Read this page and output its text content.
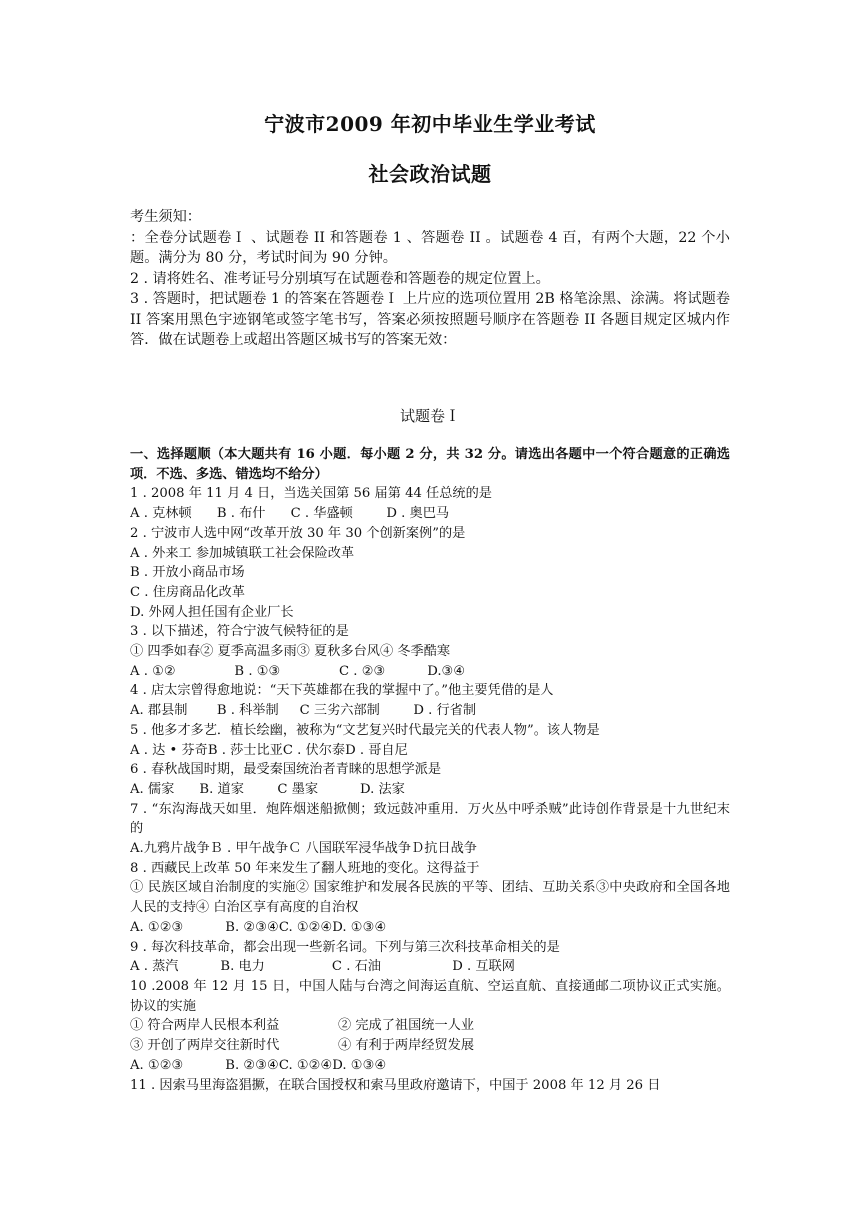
宁波市2009 年初中毕业生学业考试
社会政治试题
考生须知：
：全卷分试题卷Ｉ 、试题卷 II 和答题卷 1 、答题卷 II 。试题卷 4 百，有两个大题，22 个小题。满分为 80 分，考试时间为 90 分钟。
2 . 请将姓名、准考证号分别填写在试题卷和答题卷的规定位置上。
3 . 答题时，把试题卷 1 的答案在答题卷Ｉ 上片应的选项位置用 2B 格笔涂黑、涂满。将试题卷 II 答案用黑色宇迹钢笔或签字笔书写，答案必须按照题号顺序在答题卷 II 各题目规定区城内作答．做在试题卷上或超出答题区城书写的答案无效：
试题卷Ｉ
一、选择题顺（本大题共有 16 小题．每小题 2 分，共 32 分。请选出各题中一个符合题意的正确选项．不选、多选、错选均不给分）
1 . 2008 年 11 月 4 日，当选关国第 56 届第 44 任总统的是
A . 克林顿      B . 布什      C . 华盛顿        D . 奥巴马
2 . 宁波市人选中网“改革开放 30 年 30 个创新案例”的是
A . 外来工 参加城镇联工社会保险改革
B . 开放小商品市场
C . 住房商品化改革
D. 外网人担任国有企业厂长
3 . 以下描述，符合宁波气候特征的是
① 四季如春② 夏季高温多雨③ 夏秋多台风④ 冬季酷寒
A . ①②              B . ①③              C . ②③          D.③④
4 . 店太宗曾得愈地说：“天下英雄都在我的掌握中了。”他主要凭借的是人
A. 郡县制       B . 科举制     C 三劣六部制        D . 行省制
5 . 他多才多艺．植长绘幽，被称为“文艺复兴时代最完关的代表人物”。该人物是
A . 达 • 芬奇B . 莎士比亚C . 伏尔泰D . 哥自尼
6 . 春秋战国时期，最受秦国统治者青睐的思想学派是
A. 儒家      B. 道家        C 墨家          D. 法家
7 . “东沟海战天如里．炮阵烟迷船掀侧；致远鼓冲重用．万火丛中呼杀贼”此诗创作背景是十九世纪末的
A.九鸦片战争Ｂ . 甲午战争Ｃ 八国联军浸华战争Ｄ抗日战争
8 . 西藏民上改革 50 年来发生了翻人班地的变化。这得益于
① 民族区域自治制度的实施② 国家维护和发展各民族的平等、团结、互助关系③中央政府和全国各地人民的支持④ 白治区享有高度的自治权
A. ①②③          B. ②③④C. ①②④D. ①③④
9 . 每次科技革命，都会出现一些新名词。下列与第三次科技革命相关的是
A . 蒸汽          B. 电力                C . 石油                 D . 互联网
10 .2008 年 12 月 15 日，中国人陆与台湾之间海运直航、空运直航、直接通邮二项协议正式实施。协议的实施
① 符合两岸人民根本利益              ② 完成了祖国统一人业
③ 开创了两岸交往新时代              ④ 有利于两岸经贸发展
A. ①②③          B. ②③④C. ①②④D. ①③④
11 . 因索马里海盗猖撅，在联合国授权和索马里政府邀请下，中国于 2008 年 12 月 26 日
